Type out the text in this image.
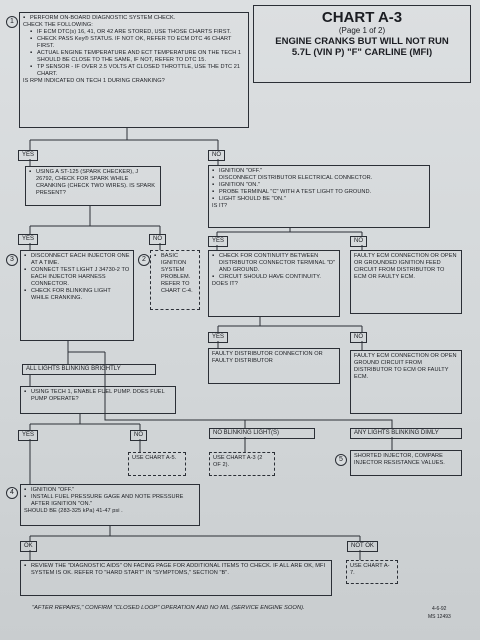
CHART A-3
(Page 1 of 2)
ENGINE CRANKS BUT WILL NOT RUN
5.7L (VIN P) "F" CARLINE (MFI)
1	▪ PERFORM ON-BOARD DIAGNOSTIC SYSTEM CHECK.
CHECK THE FOLLOWING:
▪ IF ECM DTC(s) 16, 41, OR 42 ARE STORED, USE THOSE CHARTS FIRST.
▪ CHECK PASS Key® STATUS. IF NOT OK, REFER TO ECM DTC 46 CHART FIRST.
▪ ACTUAL ENGINE TEMPERATURE AND ECT TEMPERATURE ON THE TECH 1 SHOULD BE CLOSE TO THE SAME, IF NOT, REFER TO DTC 15.
▪ TP SENSOR - IF OVER 2.5 VOLTS AT CLOSED THROTTLE, USE THE DTC 21 CHART.
IS RPM INDICATED ON TECH 1 DURING CRANKING?
YES	NO
▪ USING A ST-125 (SPARK CHECKER), J 26792, CHECK FOR SPARK WHILE CRANKING (CHECK TWO WIRES). IS SPARK PRESENT?
▪ IGNITION "OFF."
▪ DISCONNECT DISTRIBUTOR ELECTRICAL CONNECTOR.
▪ IGNITION "ON."
▪ PROBE TERMINAL "C" WITH A TEST LIGHT TO GROUND.
▪ LIGHT SHOULD BE "ON."
IS IT?
YES	NO	YES	NO
3	▪ DISCONNECT EACH INJECTOR ONE AT A TIME.
▪ CONNECT TEST LIGHT J 34730-2 TO EACH INJECTOR HARNESS CONNECTOR.
▪ CHECK FOR BLINKING LIGHT WHILE CRANKING.
2	▪ BASIC IGNITION SYSTEM PROBLEM. REFER TO CHART C-4.
▪ CHECK FOR CONTINUITY BETWEEN DISTRIBUTOR CONNECTOR TERMINAL "D" AND GROUND.
▪ CIRCUIT SHOULD HAVE CONTINUITY.
DOES IT?
FAULTY ECM CONNECTION OR OPEN OR GROUNDED IGNITION FEED CIRCUIT FROM DISTRIBUTOR TO ECM OR FAULTY ECM.
YES	NO
FAULTY DISTRIBUTOR CONNECTION OR FAULTY DISTRIBUTOR
FAULTY ECM CONNECTION OR OPEN GROUND CIRCUIT FROM DISTRIBUTOR TO ECM OR FAULTY ECM.
ALL LIGHTS BLINKING BRIGHTLY
▪ USING TECH 1, ENABLE FUEL PUMP. DOES FUEL PUMP OPERATE?
YES	NO	NO BLINKING LIGHT(S)	ANY LIGHTS BLINKING DIMLY
USE CHART A-5.	USE CHART A-3 (2 OF 2).
5	SHORTED INJECTOR, COMPARE INJECTOR RESISTANCE VALUES.
4	▪ IGNITION "OFF."
▪ INSTALL FUEL PRESSURE GAGE AND NOTE PRESSURE AFTER IGNITION "ON."
SHOULD BE (283-325 kPa) 41-47 psi .
OK	NOT OK
▪ REVIEW THE "DIAGNOSTIC AIDS" ON FACING PAGE FOR ADDITIONAL ITEMS TO CHECK. IF ALL ARE OK, MFI SYSTEM IS OK. REFER TO "HARD START" IN "SYMPTOMS," SECTION "B".
USE CHART A-7.
"AFTER REPAIRS," CONFIRM "CLOSED LOOP" OPERATION AND NO MIL (SERVICE ENGINE SOON).	4-6-92
MS 12493
